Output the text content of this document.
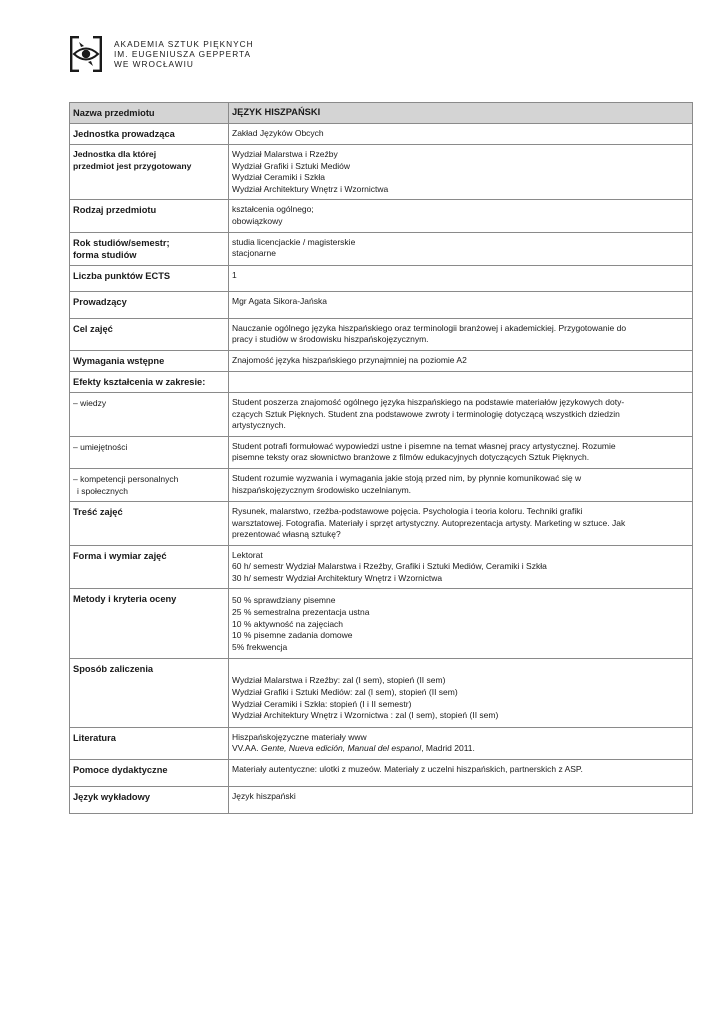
AKADEMIA SZTUK PIĘKNYCH
IM. EUGENIUSZA GEPPERTA
WE WROCŁAWIU
Nazwa przedmiotu	JĘZYK HISZPAŃSKI
Jednostka prowadząca	Zakład Języków Obcych

Jednostka dla której
przedmiot jest przygotowany	Wydział Malarstwa i Rzeźby
Wydział Grafiki i Sztuki Mediów
Wydział Ceramiki i Szkła
Wydział Architektury Wnętrz i Wzornictwa

Rodzaj przedmiotu	kształcenia ogólnego;
obowiązkowy

Rok studiów/semestr;
forma studiów	studia licencjackie / magisterskie
stacjonarne

Liczba punktów ECTS	1
Prowadzący	Mgr Agata Sikora-Jańska
Cel zajęć	Nauczanie ogólnego języka hiszpańskiego oraz terminologii branżowej i akademickiej. Przygotowanie do
pracy i studiów w środowisku hiszpańskojęzycznym.

Wymagania wstępne	Znajomość języka hiszpańskiego przynajmniej na poziomie A2
Efekty kształcenia w zakresie:	
– wiedzy	Student poszerza znajomość ogólnego języka hiszpańskiego na podstawie materiałów językowych doty-
czących Sztuk Pięknych. Student zna podstawowe zwroty i terminologię dotyczącą wszystkich dziedzin
artystycznych.

– umiejętności	Student potrafi formułować wypowiedzi ustne i pisemne na temat własnej pracy artystycznej. Rozumie
pisemne teksty oraz słownictwo branżowe z filmów edukacyjnych dotyczących Sztuk Pięknych.

– kompetencji personalnych
i społecznych	Student rozumie wyzwania i wymagania jakie stoją przed nim, by płynnie komunikować się w
hiszpańskojęzycznym środowisko uczelnianym.

Treść zajęć	Rysunek, malarstwo, rzeźba-podstawowe pojęcia. Psychologia i teoria koloru. Techniki grafiki
warsztatowej. Fotografia. Materiały i sprzęt artystyczny. Autoprezentacja artysty. Marketing w sztuce. Jak
prezentować własną sztukę?

Forma i wymiar zajęć	Lektorat
60 h/ semestr Wydział Malarstwa i Rzeźby, Grafiki i Sztuki Mediów, Ceramiki i Szkła
30 h/ semestr Wydział Architektury Wnętrz i Wzornictwa

Metody i kryteria oceny	50 % sprawdziany pisemne
25 % semestralna prezentacja ustna
10 % aktywność na zajęciach
10 % pisemne zadania domowe
5% frekwencja

Sposób zaliczenia	Wydział Malarstwa i Rzeźby: zal (I sem), stopień (II sem)
Wydział Grafiki i Sztuki Mediów: zal (I sem), stopień (II sem)
Wydział Ceramiki i Szkła: stopień (I i II semestr)
Wydział Architektury Wnętrz i Wzornictwa : zal (I sem), stopień (II sem)

Literatura	Hiszpańskojęzyczne materiały www
VV.AA. Gente, Nueva edición, Manual del espanol, Madrid 2011.

Pomoce dydaktyczne	Materiały autentyczne: ulotki z muzeów. Materiały z uczelni hiszpańskich, partnerskich z ASP.
Język wykładowy	Język hiszpański
